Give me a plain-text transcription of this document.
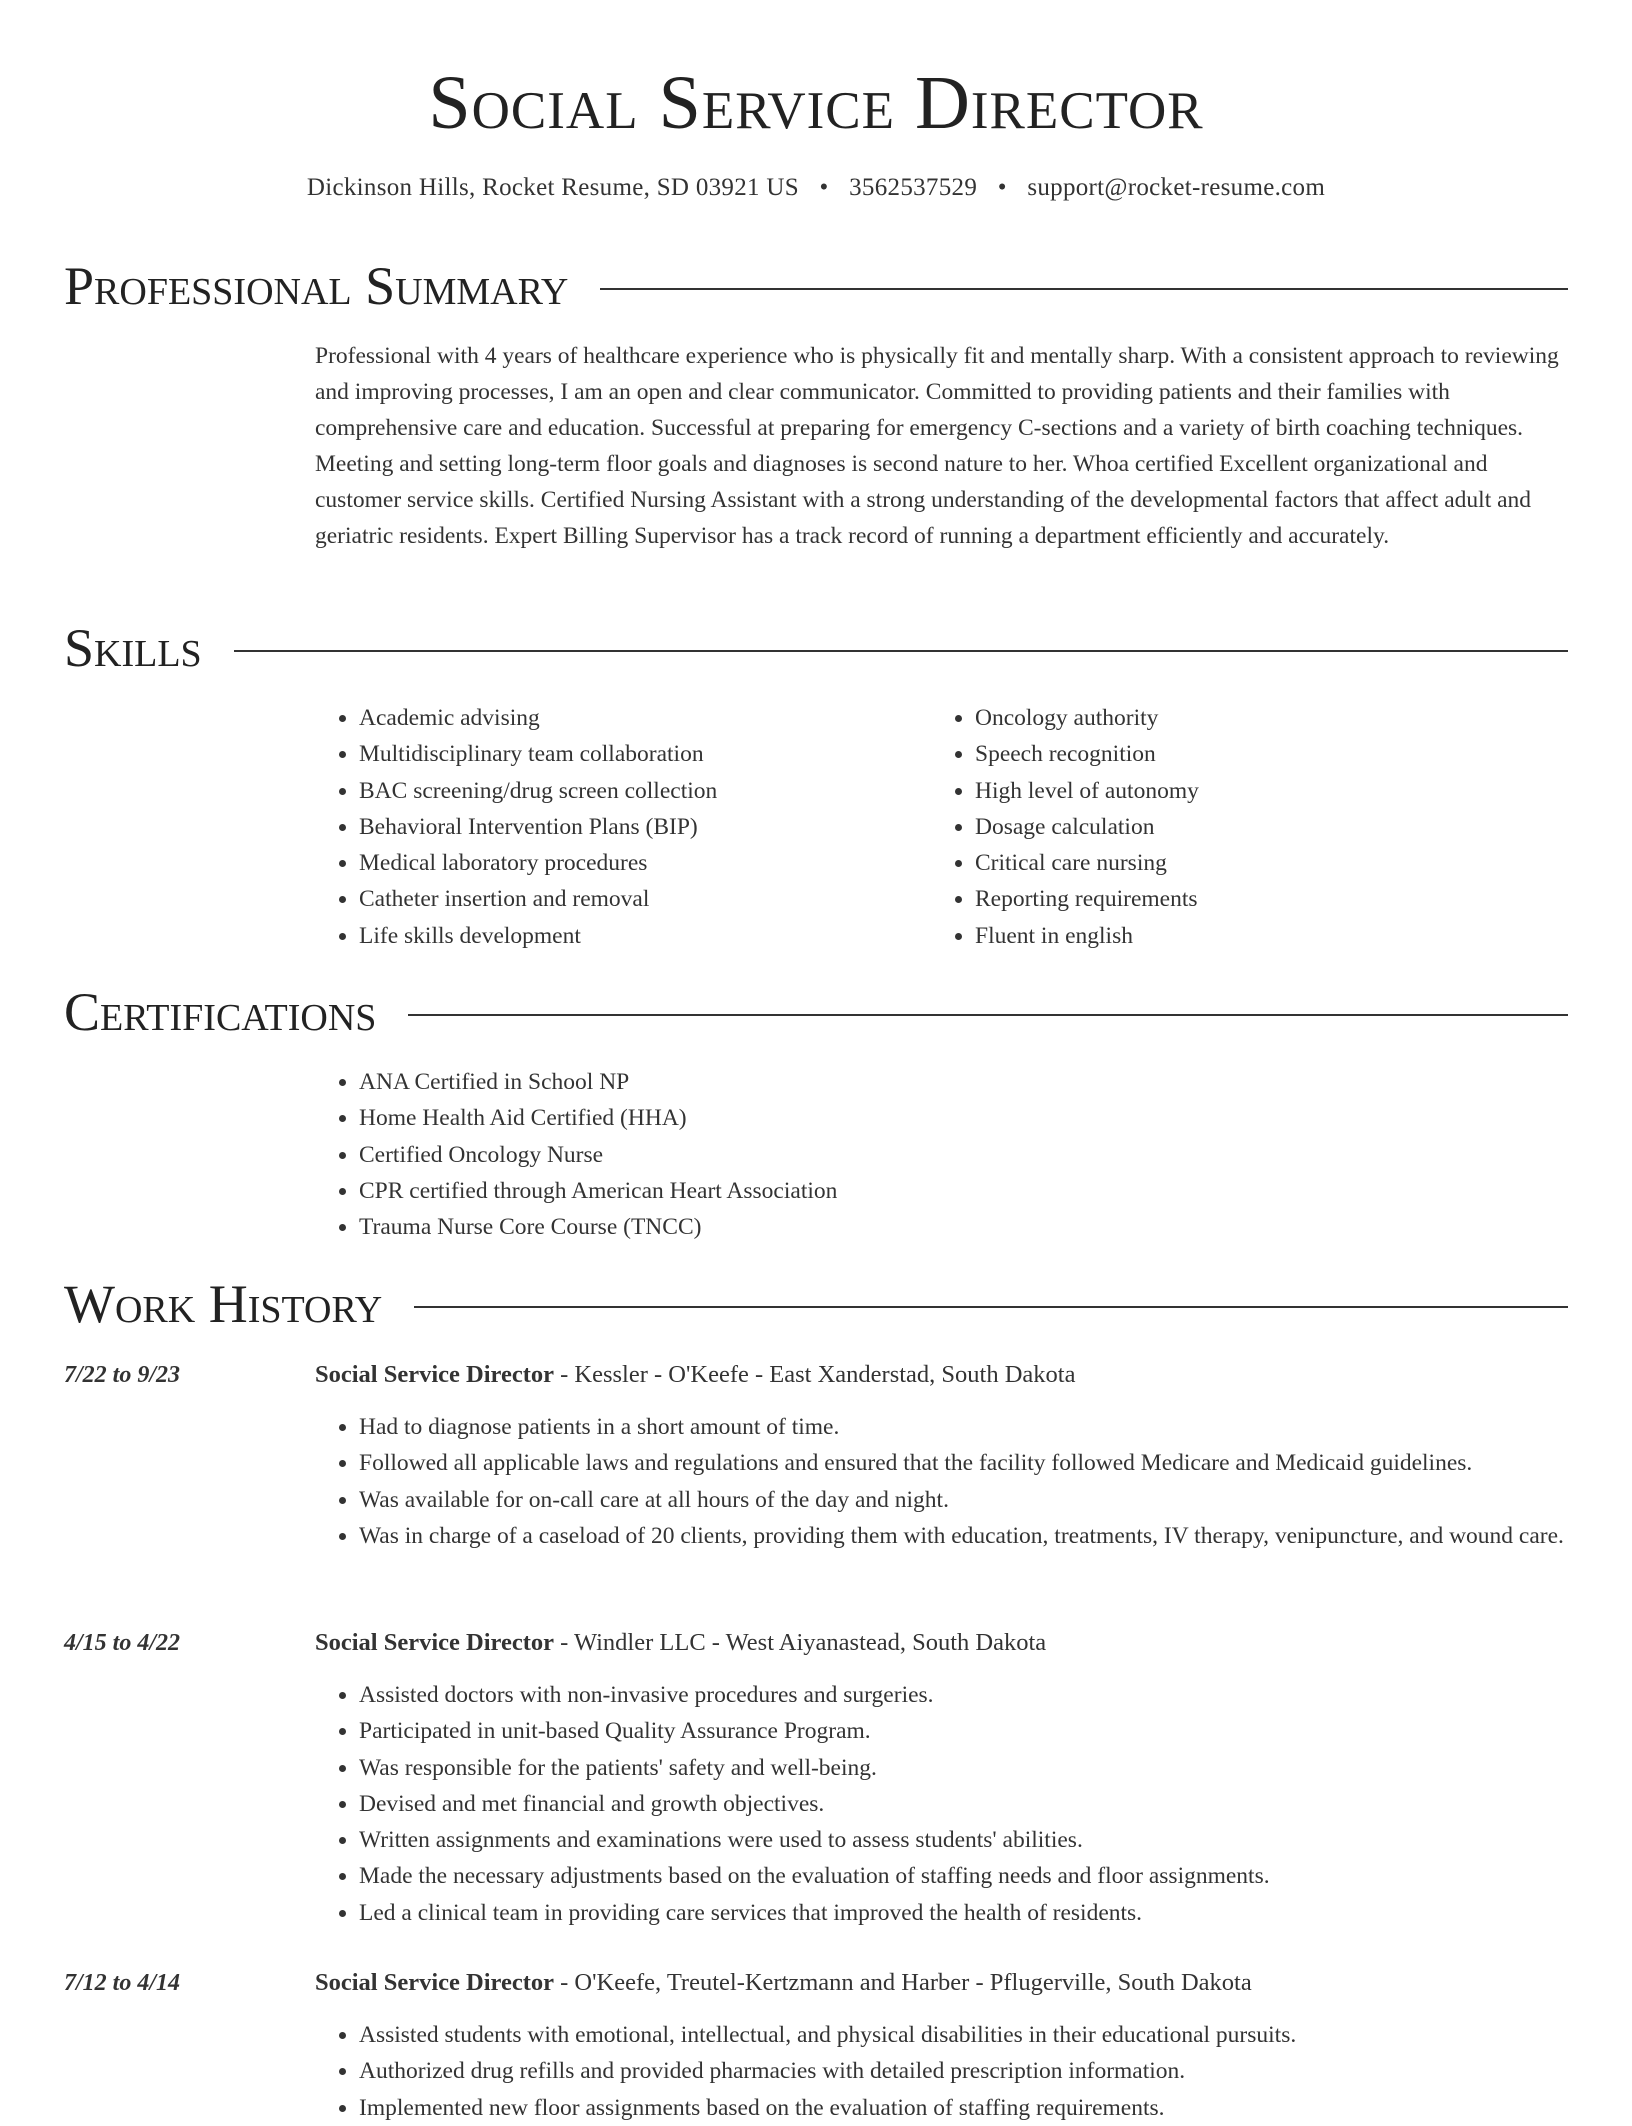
Social Service Director
Dickinson Hills, Rocket Resume, SD 03921 US • 3562537529 • support@rocket-resume.com
Professional Summary

Professional with 4 years of healthcare experience who is physically fit and mentally sharp. With a consistent approach to reviewing and improving processes, I am an open and clear communicator. Committed to providing patients and their families with comprehensive care and education. Successful at preparing for emergency C-sections and a variety of birth coaching techniques. Meeting and setting long-term floor goals and diagnoses is second nature to her. Whoa certified Excellent organizational and customer service skills. Certified Nursing Assistant with a strong understanding of the developmental factors that affect adult and geriatric residents. Expert Billing Supervisor has a track record of running a department efficiently and accurately.

Skills
• Academic advising
• Multidisciplinary team collaboration
• BAC screening/drug screen collection
• Behavioral Intervention Plans (BIP)
• Medical laboratory procedures
• Catheter insertion and removal
• Life skills development
• Oncology authority
• Speech recognition
• High level of autonomy
• Dosage calculation
• Critical care nursing
• Reporting requirements
• Fluent in english
Certifications
• ANA Certified in School NP
• Home Health Aid Certified (HHA)
• Certified Oncology Nurse
• CPR certified through American Heart Association
• Trauma Nurse Core Course (TNCC)
Work History
7/22 to 9/23	Social Service Director - Kessler - O'Keefe - East Xanderstad, South Dakota
• Had to diagnose patients in a short amount of time.
• Followed all applicable laws and regulations and ensured that the facility followed Medicare and Medicaid guidelines.
• Was available for on-call care at all hours of the day and night.
• Was in charge of a caseload of 20 clients, providing them with education, treatments, IV therapy, venipuncture, and wound care.
4/15 to 4/22	Social Service Director - Windler LLC - West Aiyanastead, South Dakota
• Assisted doctors with non-invasive procedures and surgeries.
• Participated in unit-based Quality Assurance Program.
• Was responsible for the patients' safety and well-being.
• Devised and met financial and growth objectives.
• Written assignments and examinations were used to assess students' abilities.
• Made the necessary adjustments based on the evaluation of staffing needs and floor assignments.
• Led a clinical team in providing care services that improved the health of residents.
7/12 to 4/14	Social Service Director - O'Keefe, Treutel-Kertzmann and Harber - Pflugerville, South Dakota
• Assisted students with emotional, intellectual, and physical disabilities in their educational pursuits.
• Authorized drug refills and provided pharmacies with detailed prescription information.
• Implemented new floor assignments based on the evaluation of staffing requirements.
